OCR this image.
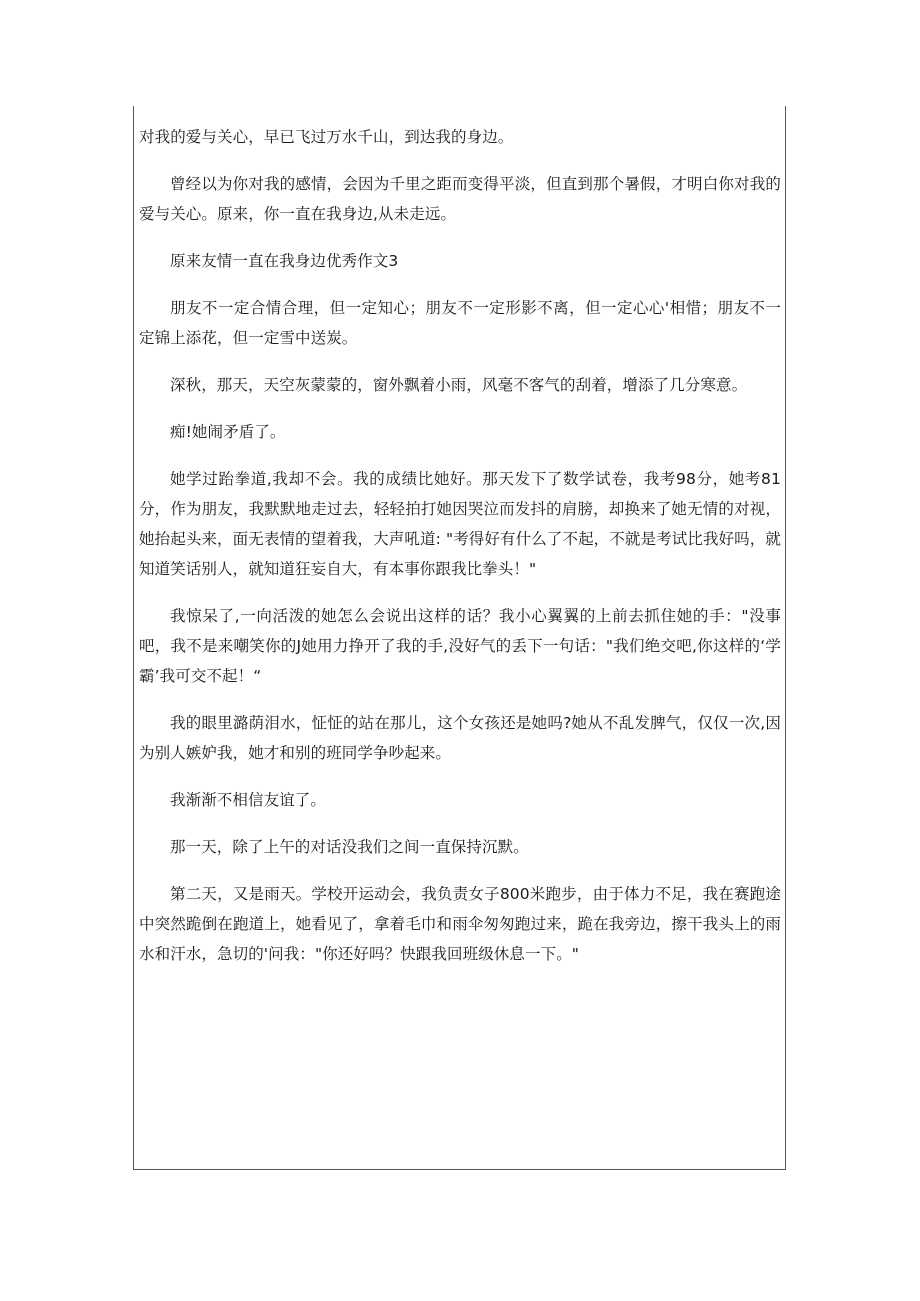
对我的爱与关心，早已飞过万水千山，到达我的身边。

曾经以为你对我的感情，会因为千里之距而变得平淡，但直到那个暑假，才明白你对我的爱与关心。原来，你一直在我身边,从未走远。

原来友情一直在我身边优秀作文3

朋友不一定合情合理，但一定知心；朋友不一定形影不离，但一定心心'相惜；朋友不一定锦上添花，但一定雪中送炭。

深秋，那天，天空灰蒙蒙的，窗外飘着小雨，风毫不客气的刮着，增添了几分寒意。

痴!她闹矛盾了。

她学过跆拳道,我却不会。我的成绩比她好。那天发下了数学试卷，我考98分，她考81分，作为朋友，我默默地走过去，轻轻拍打她因哭泣而发抖的肩膀，却换来了她无情的对视，她抬起头来，面无表情的望着我，大声吼道: "考得好有什么了不起，不就是考试比我好吗，就知道笑话别人，就知道狂妄自大，有本事你跟我比拳头！"

我惊呆了,一向活泼的她怎么会说出这样的话？我小心翼翼的上前去抓住她的手："没事吧，我不是来嘲笑你的J她用力挣开了我的手,没好气的丢下一句话："我们绝交吧,你这样的‘学霸’我可交不起！“

我的眼里潞荫泪水，怔怔的站在那儿，这个女孩还是她吗?她从不乱发脾气，仅仅一次,因为别人嫉妒我，她才和别的班同学争吵起来。

我渐渐不相信友谊了。

那一天，除了上午的对话没我们之间一直保持沉默。

第二天，又是雨天。学校开运动会，我负责女子800米跑步，由于体力不足，我在赛跑途中突然跪倒在跑道上，她看见了，拿着毛巾和雨伞匆匆跑过来，跪在我旁边，擦干我头上的雨水和汗水，急切的'问我："你还好吗？快跟我回班级休息一下。"
